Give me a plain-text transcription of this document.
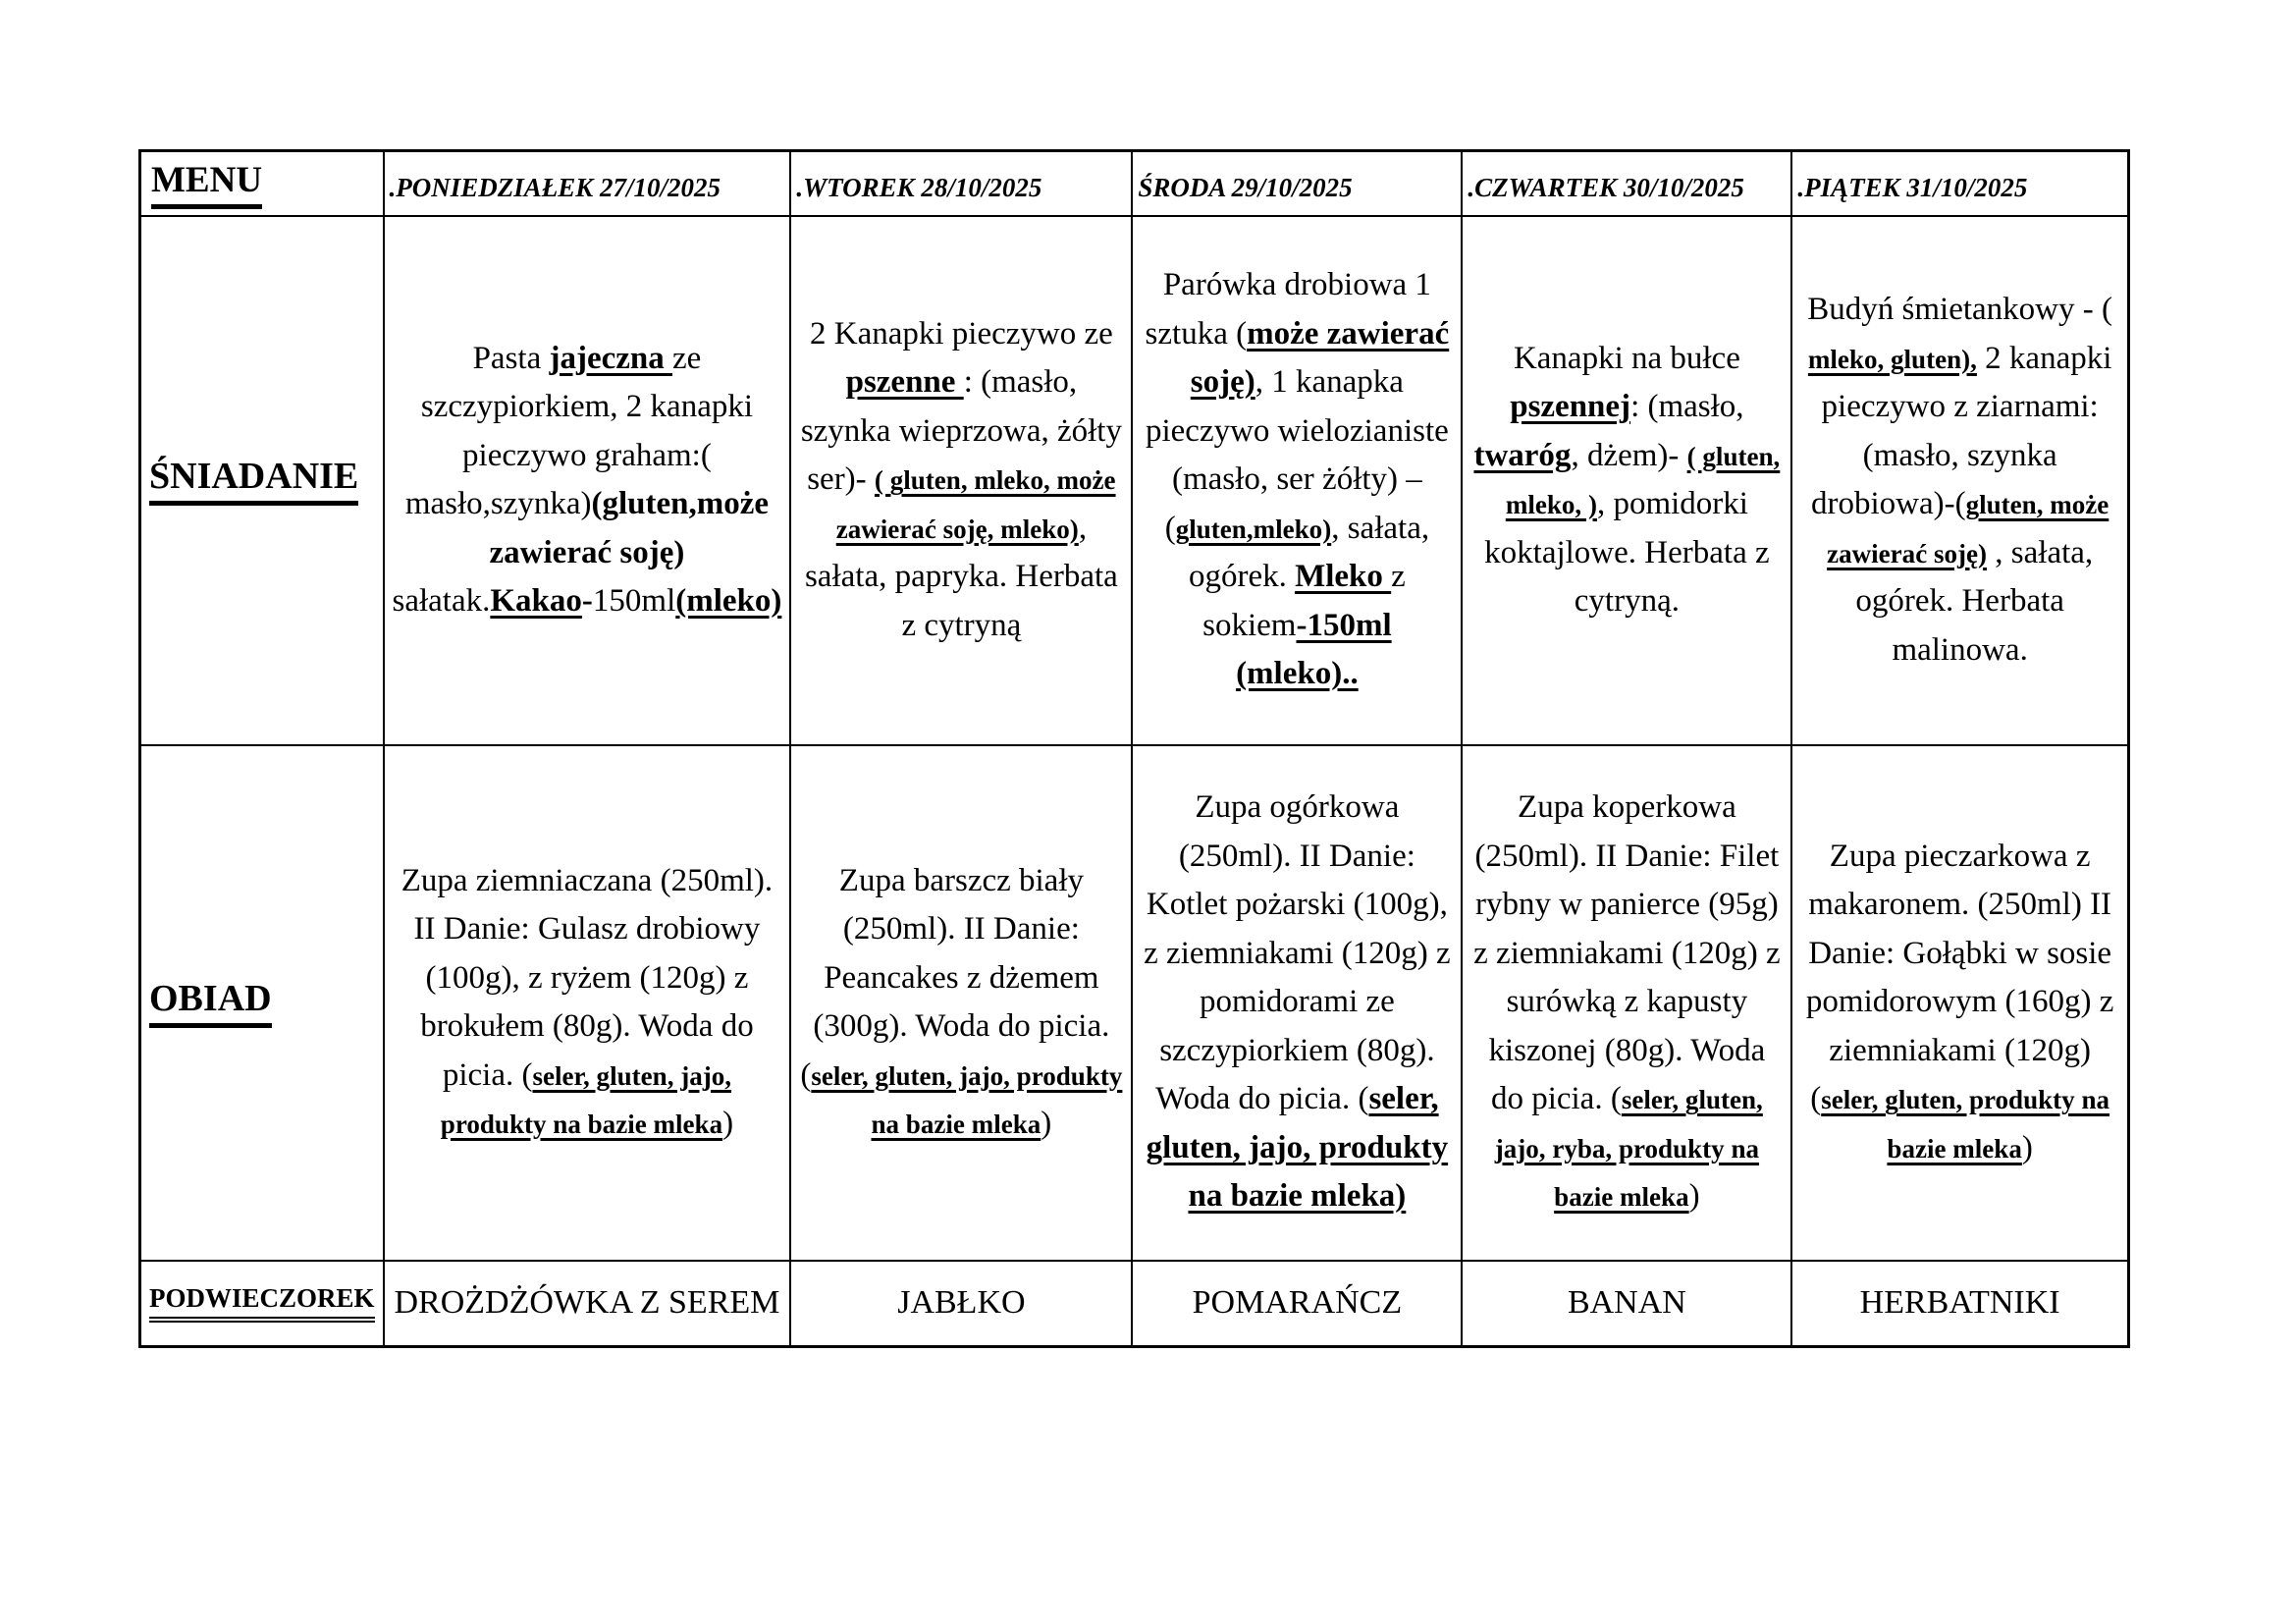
MENU	.PONIEDZIAŁEK 27/10/2025	.WTOREK 28/10/2025	ŚRODA 29/10/2025	.CZWARTEK 30/10/2025	.PIĄTEK 31/10/2025
ŚNIADANIE	Pasta jajeczna ze szczypiorkiem, 2 kanapki pieczywo graham:( masło,szynka)(gluten,może zawierać soję) sałatak.Kakao-150ml(mleko)	2 Kanapki pieczywo ze pszenne : (masło, szynka wieprzowa, żółty ser)- ( gluten, mleko, może zawierać soję, mleko), sałata, papryka. Herbata z cytryną	Parówka drobiowa 1 sztuka (może zawierać soję), 1 kanapka pieczywo wielozianiste (masło, ser żółty) – (gluten,mleko), sałata, ogórek. Mleko z sokiem-150ml (mleko)..	Kanapki na bułce pszennej: (masło, twaróg, dżem)- ( gluten, mleko, ), pomidorki koktajlowe. Herbata z cytryną.	Budyń śmietankowy - ( mleko, gluten), 2 kanapki pieczywo z ziarnami: (masło, szynka drobiowa)-(gluten, może zawierać soję) , sałata, ogórek. Herbata malinowa.
OBIAD	Zupa ziemniaczana (250ml). II Danie: Gulasz drobiowy (100g), z ryżem (120g) z brokułem (80g). Woda do picia. (seler, gluten, jajo, produkty na bazie mleka)	Zupa barszcz biały (250ml). II Danie: Peancakes z dżemem (300g). Woda do picia. (seler, gluten, jajo, produkty na bazie mleka)	Zupa ogórkowa (250ml). II Danie: Kotlet pożarski (100g), z ziemniakami (120g) z pomidorami ze szczypiorkiem (80g). Woda do picia. (seler, gluten, jajo, produkty na bazie mleka)	Zupa koperkowa (250ml). II Danie: Filet rybny w panierce (95g) z ziemniakami (120g) z surówką z kapusty kiszonej (80g). Woda do picia. (seler, gluten, jajo, ryba, produkty na bazie mleka)	Zupa pieczarkowa z makaronem. (250ml) II Danie: Gołąbki w sosie pomidorowym (160g) z ziemniakami (120g) (seler, gluten, produkty na bazie mleka)
PODWIECZOREK	DROŻDŻÓWKA Z SEREM	JABŁKO	POMARAŃCZ	BANAN	HERBATNIKI
